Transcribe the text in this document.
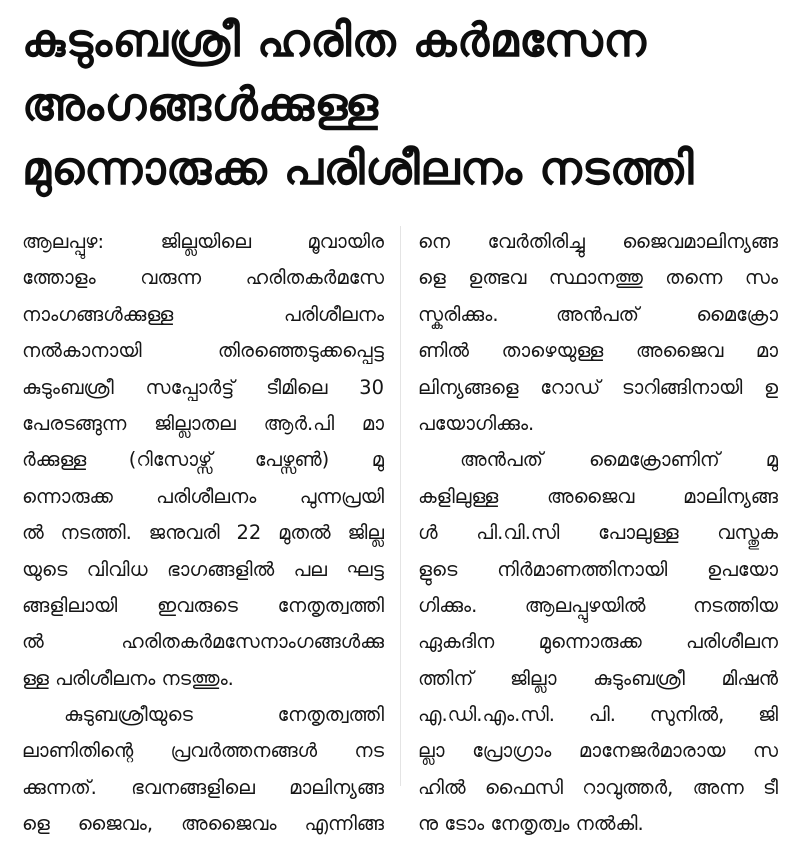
കുടുംബശ്രീ ഹരിത കർമസേന
അംഗങ്ങൾക്കുള്ള
മുന്നൊരുക്ക പരിശീലനം നടത്തി
ആലപ്പുഴ: ജില്ലയിലെ മൂവായിര
ത്തോളം വരുന്ന ഹരിതകർമസേ
നാംഗങ്ങൾക്കുള്ള പരിശീലനം
നൽകാനായി തിരഞ്ഞെടുക്കപ്പെട്ട
കുടുംബശ്രീ സപ്പോർട്ട് ടീമിലെ 30
പേരടങ്ങുന്ന ജില്ലാതല ആർ.പി മാ
ർക്കുള്ള (റിസോഴ്സ് പേഴ്സൺ) മു
ന്നൊരുക്ക പരിശീലനം പുന്നപ്രയി
ൽ നടത്തി. ജനുവരി 22 മുതൽ ജില്ല
യുടെ വിവിധ ഭാഗങ്ങളിൽ പല ഘട്ട
ങ്ങളിലായി ഇവരുടെ നേതൃത്വത്തി
ൽ ഹരിതകർമസേനാംഗങ്ങൾക്കു
ള്ള പരിശീലനം നടത്തും.
കുടുബശ്രീയുടെ നേതൃത്വത്തി
ലാണിതിന്റെ പ്രവർത്തനങ്ങൾ നട
ക്കുന്നത്. ഭവനങ്ങളിലെ മാലിന്യങ്ങ
ളെ ജൈവം, അജൈവം എന്നിങ്ങ
നെ വേർതിരിച്ചു ജൈവമാലിന്യങ്ങ
ളെ ഉത്ഭവ സ്ഥാനത്തു തന്നെ സം
സ്കരിക്കും. അൻപത് മൈക്രോ
ണിൽ താഴെയുള്ള അജൈവ മാ
ലിന്യങ്ങളെ റോഡ് ടാറിങ്ങിനായി ഉ
പയോഗിക്കും.
അൻപത് മൈക്രോണിന് മു
കളിലുള്ള അജൈവ മാലിന്യങ്ങ
ൾ പി.വി.സി പോലുള്ള വസ്തുക
ളുടെ നിർമാണത്തിനായി ഉപയോ
ഗിക്കും. ആലപ്പുഴയിൽ നടത്തിയ
ഏകദിന മുന്നൊരുക്ക പരിശീലന
ത്തിന് ജില്ലാ കുടുംബശ്രീ മിഷൻ
എ.ഡി.എം.സി. പി. സുനിൽ, ജി
ല്ലാ പ്രോഗ്രാം മാനേജർമാരായ സ
ഹിൽ ഫൈസി റാവുത്തർ, അന്ന ടീ
നു ടോം നേതൃത്വം നൽകി.
